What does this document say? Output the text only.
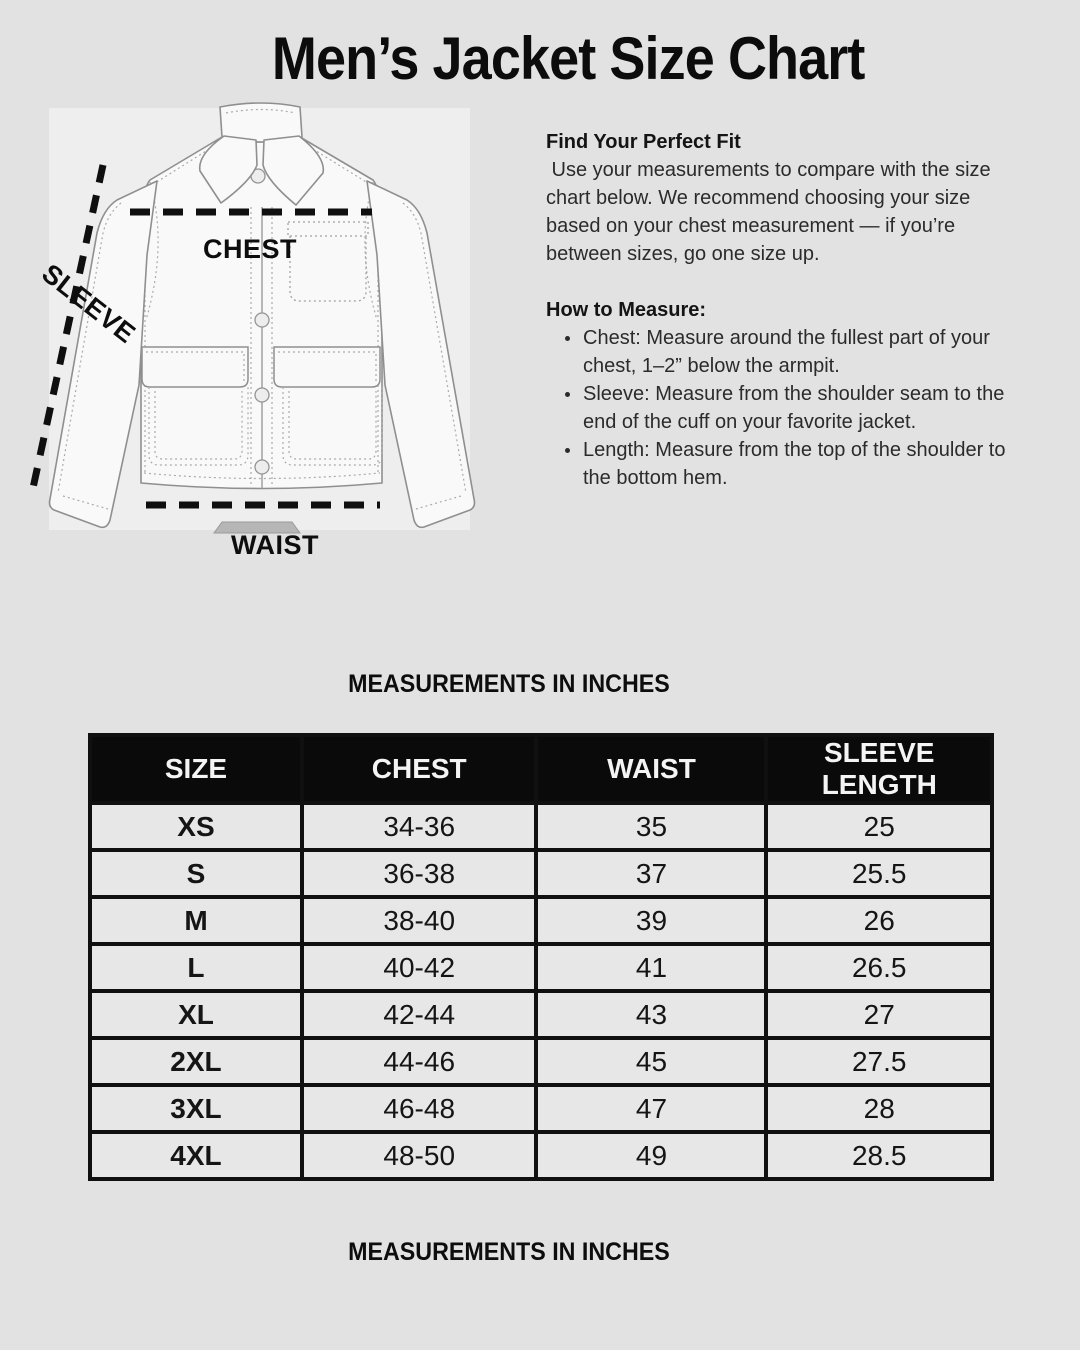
Men’s Jacket Size Chart
CHEST
WAIST
SLEEVE

Find Your Perfect Fit

Use your measurements to compare with the size chart below. We recommend choosing your size based on your chest measurement — if you’re between sizes, go one size up.

How to Measure:

• Chest: Measure around the fullest part of your chest, 1–2” below the armpit.
• Sleeve: Measure from the shoulder seam to the end of the cuff on your favorite jacket.
• Length: Measure from the top of the shoulder to the bottom hem.
MEASUREMENTS IN INCHES
SIZE	CHEST	WAIST	SLEEVE LENGTH
XS	34-36	35	25
S	36-38	37	25.5
M	38-40	39	26
L	40-42	41	26.5
XL	42-44	43	27
2XL	44-46	45	27.5
3XL	46-48	47	28
4XL	48-50	49	28.5
MEASUREMENTS IN INCHES
